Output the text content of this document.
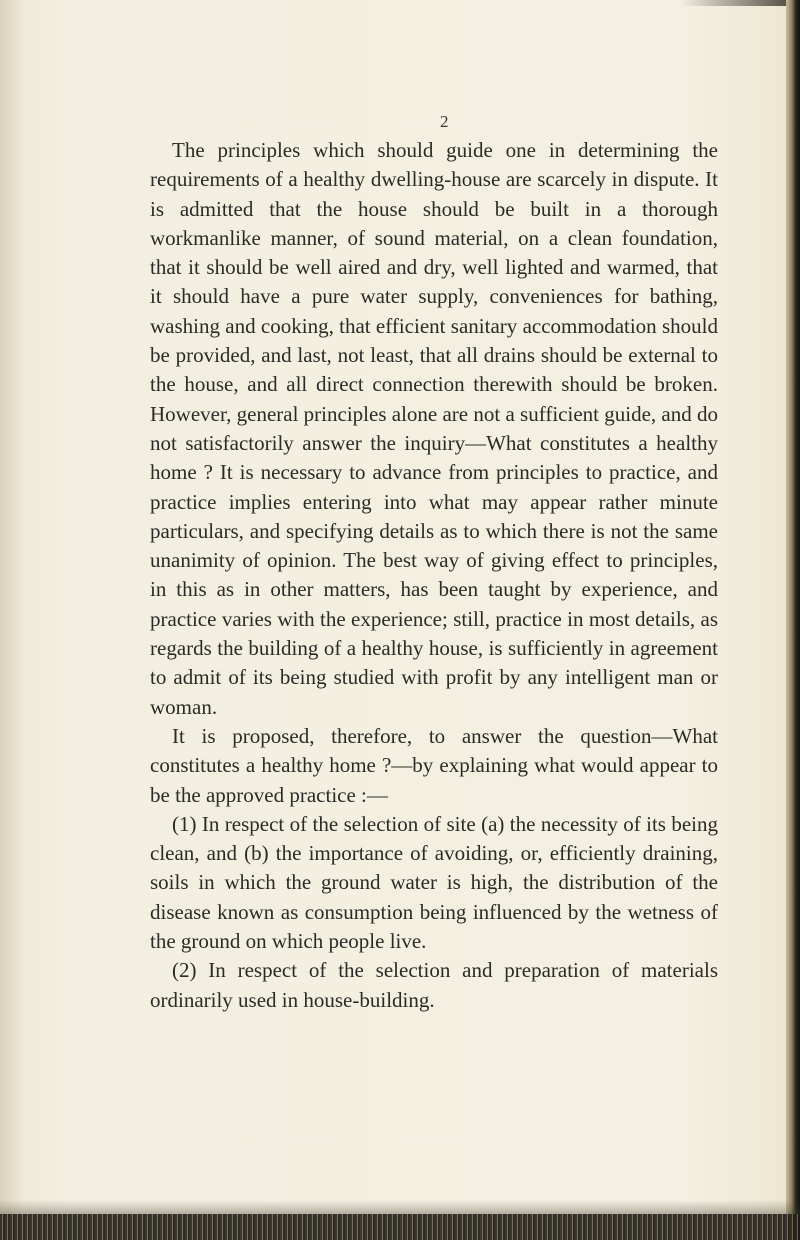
2

The principles which should guide one in determining the requirements of a healthy dwelling-house are scarcely in dispute. It is admitted that the house should be built in a thorough workmanlike manner, of sound material, on a clean foundation, that it should be well aired and dry, well lighted and warmed, that it should have a pure water supply, conveniences for bathing, washing and cooking, that efficient sanitary accommodation should be provided, and last, not least, that all drains should be external to the house, and all direct connection therewith should be broken. However, general principles alone are not a sufficient guide, and do not satisfactorily answer the inquiry—What constitutes a healthy home ? It is necessary to advance from principles to practice, and practice implies entering into what may appear rather minute particulars, and specifying details as to which there is not the same unanimity of opinion. The best way of giving effect to principles, in this as in other matters, has been taught by experience, and practice varies with the experience; still, practice in most details, as regards the building of a healthy house, is sufficiently in agreement to admit of its being studied with profit by any intelligent man or woman.

It is proposed, therefore, to answer the question—What constitutes a healthy home ?—by explaining what would appear to be the approved practice :—

(1) In respect of the selection of site (a) the necessity of its being clean, and (b) the importance of avoiding, or, efficiently draining, soils in which the ground water is high, the distribution of the disease known as consumption being influenced by the wetness of the ground on which people live.

(2) In respect of the selection and preparation of materials ordinarily used in house-building.
